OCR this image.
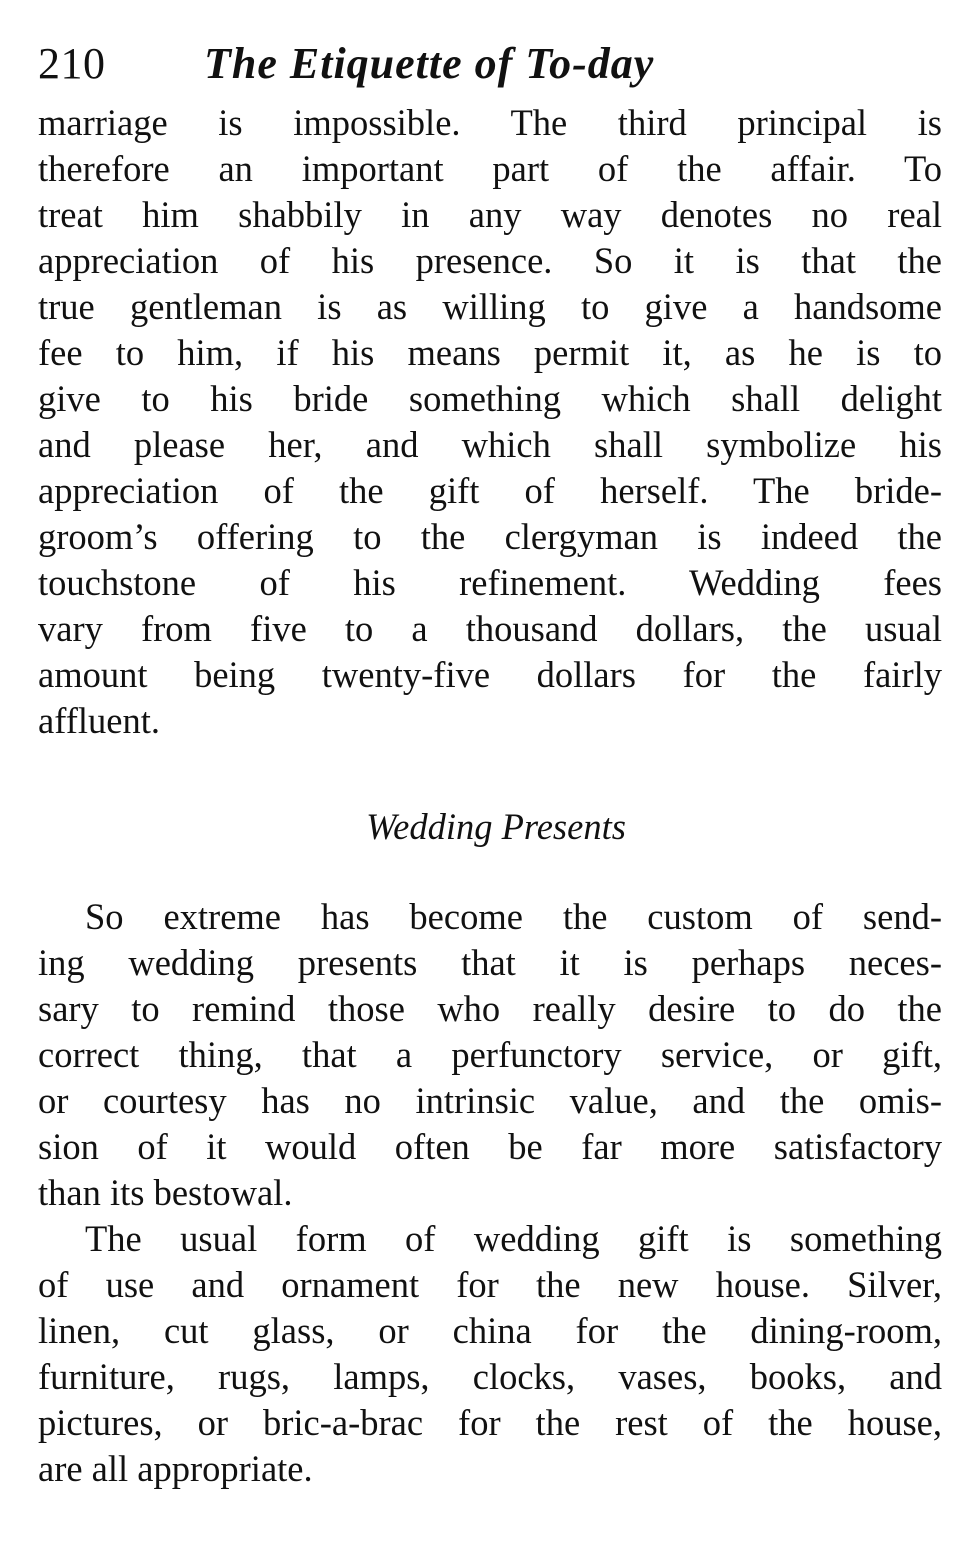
210 The Etiquette of To-day
marriage is impossible. The third principal is
therefore an important part of the affair. To
treat him shabbily in any way denotes no real
appreciation of his presence. So it is that the
true gentleman is as willing to give a handsome
fee to him, if his means permit it, as he is to
give to his bride something which shall delight
and please her, and which shall symbolize his
appreciation of the gift of herself. The bride-
groom’s offering to the clergyman is indeed the
touchstone of his refinement. Wedding fees
vary from five to a thousand dollars, the usual
amount being twenty-five dollars for the fairly
affluent.
Wedding Presents
So extreme has become the custom of send-
ing wedding presents that it is perhaps neces-
sary to remind those who really desire to do the
correct thing, that a perfunctory service, or gift,
or courtesy has no intrinsic value, and the omis-
sion of it would often be far more satisfactory
than its bestowal.
The usual form of wedding gift is something
of use and ornament for the new house. Silver,
linen, cut glass, or china for the dining-room,
furniture, rugs, lamps, clocks, vases, books, and
pictures, or bric-a-brac for the rest of the house,
are all appropriate.
